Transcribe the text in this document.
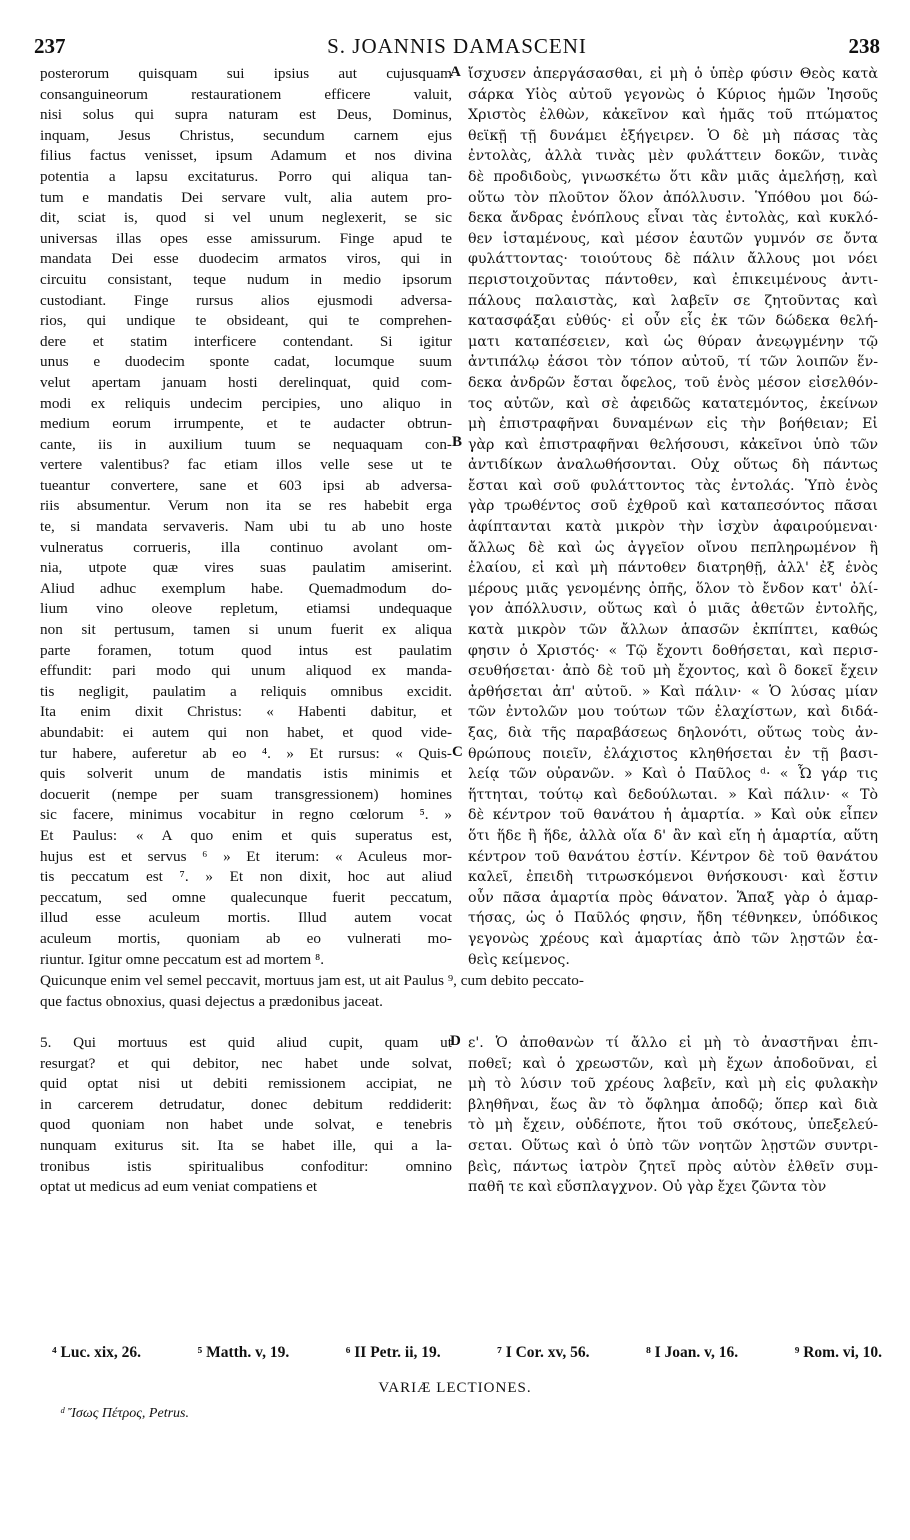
237	S. JOANNIS DAMASCENI	238
posterorum quisquam sui ipsius aut cujusquam
consanguineorum restaurationem efficere valuit,
nisi solus qui supra naturam est Deus, Dominus,
inquam, Jesus Christus, secundum carnem ejus
filius factus venisset, ipsum Adamum et nos divina
potentia a lapsu excitaturus. Porro qui aliqua tan-
tum e mandatis Dei servare vult, alia autem pro-
dit, sciat is, quod si vel unum neglexerit, se sic
universas illas opes esse amissurum. Finge apud te
mandata Dei esse duodecim armatos viros, qui in
circuitu consistant, teque nudum in medio ipsorum
custodiant. Finge rursus alios ejusmodi adversa-
rios, qui undique te obsideant, qui te comprehen-
dere et statim interficere contendant. Si igitur
unus e duodecim sponte cadat, locumque suum
velut apertam januam hosti derelinquat, quid com-
modi ex reliquis undecim percipies, uno aliquo in
medium eorum irrumpente, et te audacter obtrun-
cante, iis in auxilium tuum se nequaquam con-
vertere valentibus? fac etiam illos velle sese ut te
tueantur convertere, sane et 603 ipsi ab adversa-
riis absumentur. Verum non ita se res habebit erga
te, si mandata servaveris. Nam ubi tu ab uno hoste
vulneratus corrueris, illa continuo avolant om-
nia, utpote quæ vires suas paulatim amiserint.
Aliud adhuc exemplum habe. Quemadmodum do-
lium vino oleove repletum, etiamsi undequaque
non sit pertusum, tamen si unum fuerit ex aliqua
parte foramen, totum quod intus est paulatim
effundit: pari modo qui unum aliquod ex manda-
tis negligit, paulatim a reliquis omnibus excidit.
Ita enim dixit Christus: « Habenti dabitur, et
abundabit: ei autem qui non habet, et quod vide-
tur habere, auferetur ab eo ⁴. » Et rursus: « Quis-
quis solverit unum de mandatis istis minimis et
docuerit (nempe per suam transgressionem) homines
sic facere, minimus vocabitur in regno cœlorum ⁵. »
Et Paulus: « A quo enim et quis superatus est,
hujus est et servus ⁶ » Et iterum: « Aculeus mor-
tis peccatum est ⁷. » Et non dixit, hoc aut aliud
peccatum, sed omne qualecunque fuerit peccatum,
illud esse aculeum mortis. Illud autem vocat
aculeum mortis, quoniam ab eo vulnerati mo-
riuntur. Igitur omne peccatum est ad mortem ⁸.
ἴσχυσεν ἀπεργάσασθαι, εἰ μὴ ὁ ὑπὲρ φύσιν Θεὸς κατὰ
σάρκα Υἱὸς αὐτοῦ γεγονὼς ὁ Κύριος ἡμῶν Ἰησοῦς
Χριστὸς ἐλθὼν, κἀκεῖνον καὶ ἡμᾶς τοῦ πτώματος
θεϊκῇ τῇ δυνάμει ἐξήγειρεν. Ὁ δὲ μὴ πάσας τὰς
ἐντολὰς, ἀλλὰ τινὰς μὲν φυλάττειν δοκῶν, τινὰς
δὲ προδιδοὺς, γινωσκέτω ὅτι κἂν μιᾶς ἀμελήσῃ, καὶ
οὕτω τὸν πλοῦτον ὅλον ἀπόλλυσιν. Ὑπόθου μοι δώ-
δεκα ἄνδρας ἐνόπλους εἶναι τὰς ἐντολὰς, καὶ κυκλό-
θεν ἱσταμένους, καὶ μέσον ἑαυτῶν γυμνόν σε ὄντα
φυλάττοντας· τοιούτους δὲ πάλιν ἄλλους μοι νόει
περιστοιχοῦντας πάντοθεν, καὶ ἐπικειμένους ἀντι-
πάλους παλαιστὰς, καὶ λαβεῖν σε ζητοῦντας καὶ
κατασφάξαι εὐθύς· εἰ οὖν εἷς ἐκ τῶν δώδεκα θελή-
ματι καταπέσειεν, καὶ ὡς θύραν ἀνεῳγμένην τῷ
ἀντιπάλῳ ἐάσοι τὸν τόπον αὐτοῦ, τί τῶν λοιπῶν ἕν-
δεκα ἀνδρῶν ἔσται ὄφελος, τοῦ ἑνὸς μέσον εἰσελθόν-
τος αὐτῶν, καὶ σὲ ἀφειδῶς κατατεμόντος, ἐκείνων
μὴ ἐπιστραφῆναι δυναμένων εἰς τὴν βοήθειαν; Εἰ
γὰρ καὶ ἐπιστραφῆναι θελήσουσι, κἀκεῖνοι ὑπὸ τῶν
ἀντιδίκων ἀναλωθήσονται. Οὐχ οὕτως δὴ πάντως
ἔσται καὶ σοῦ φυλάττοντος τὰς ἐντολάς. Ὑπὸ ἑνὸς
γὰρ τρωθέντος σοῦ ἐχθροῦ καὶ καταπεσόντος πᾶσαι
ἀφίπτανται κατὰ μικρὸν τὴν ἰσχὺν ἀφαιρούμεναι·
ἄλλως δὲ καὶ ὡς ἀγγεῖον οἴνου πεπληρωμένον ἢ
ἐλαίου, εἰ καὶ μὴ πάντοθεν διατρηθῇ, ἀλλ' ἐξ ἑνὸς
μέρους μιᾶς γενομένης ὀπῆς, ὅλον τὸ ἔνδον κατ' ὀλί-
γον ἀπόλλυσιν, οὕτως καὶ ὁ μιᾶς ἀθετῶν ἐντολῆς,
κατὰ μικρὸν τῶν ἄλλων ἁπασῶν ἐκπίπτει, καθώς
φησιν ὁ Χριστός· « Τῷ ἔχοντι δοθήσεται, καὶ περισ-
σευθήσεται· ἀπὸ δὲ τοῦ μὴ ἔχοντος, καὶ ὃ δοκεῖ ἔχειν
ἀρθήσεται ἀπ' αὐτοῦ. » Καὶ πάλιν· « Ὁ λύσας μίαν
τῶν ἐντολῶν μου τούτων τῶν ἐλαχίστων, καὶ διδά-
ξας, διὰ τῆς παραβάσεως δηλονότι, οὕτως τοὺς ἀν-
θρώπους ποιεῖν, ἐλάχιστος κληθήσεται ἐν τῇ βασι-
λείᾳ τῶν οὐρανῶν. » Καὶ ὁ Παῦλος ᵈ· « Ὧ γάρ τις
ἥττηται, τούτῳ καὶ δεδούλωται. » Καὶ πάλιν· « Τὸ
δὲ κέντρον τοῦ θανάτου ἡ ἁμαρτία. » Καὶ οὐκ εἶπεν
ὅτι ἥδε ἢ ἥδε, ἀλλὰ οἵα δ' ἂν καὶ εἴη ἡ ἁμαρτία, αὕτη
κέντρον τοῦ θανάτου ἐστίν. Κέντρον δὲ τοῦ θανάτου
καλεῖ, ἐπειδὴ τιτρωσκόμενοι θνήσκουσι· καὶ ἔστιν
οὖν πᾶσα ἁμαρτία πρὸς θάνατον. Ἅπαξ γὰρ ὁ ἁμαρ-
τήσας, ὡς ὁ Παῦλός φησιν, ἤδη τέθνηκεν, ὑπόδικος
γεγονὼς χρέους καὶ ἁμαρτίας ἀπὸ τῶν λῃστῶν ἐα-
θεὶς κείμενος.
A
B
C
D
Quicunque enim vel semel peccavit, mortuus jam est, ut ait Paulus ⁹, cum debito peccato-
que factus obnoxius, quasi dejectus a prædonibus jaceat.
5. Qui mortuus est quid aliud cupit, quam ut
resurgat? et qui debitor, nec habet unde solvat,
quid optat nisi ut debiti remissionem accipiat, ne
in carcerem detrudatur, donec debitum reddiderit:
quod quoniam non habet unde solvat, e tenebris
nunquam exiturus sit. Ita se habet ille, qui a la-
tronibus istis spiritualibus confoditur: omnino
optat ut medicus ad eum veniat compatiens et
ε'. Ὁ ἀποθανὼν τί ἄλλο εἰ μὴ τὸ ἀναστῆναι ἐπι-
ποθεῖ; καὶ ὁ χρεωστῶν, καὶ μὴ ἔχων ἀποδοῦναι, εἰ
μὴ τὸ λύσιν τοῦ χρέους λαβεῖν, καὶ μὴ εἰς φυλακὴν
βληθῆναι, ἕως ἂν τὸ ὄφλημα ἀποδῷ; ὅπερ καὶ διὰ
τὸ μὴ ἔχειν, οὐδέποτε, ἤτοι τοῦ σκότους, ὑπεξελεύ-
σεται. Οὕτως καὶ ὁ ὑπὸ τῶν νοητῶν λῃστῶν συντρι-
βεὶς, πάντως ἰατρὸν ζητεῖ πρὸς αὐτὸν ἐλθεῖν συμ-
παθῆ τε καὶ εὔσπλαγχνον. Οὐ γὰρ ἔχει ζῶντα τὸν
⁴ Luc. xix, 26.	⁵ Matth. v, 19.	⁶ II Petr. ii, 19.	⁷ I Cor. xv, 56.	⁸ I Joan. v, 16.	⁹ Rom. vi, 10.
VARIÆ LECTIONES.
ᵈ Ἴσως Πέτρος, Petrus.
